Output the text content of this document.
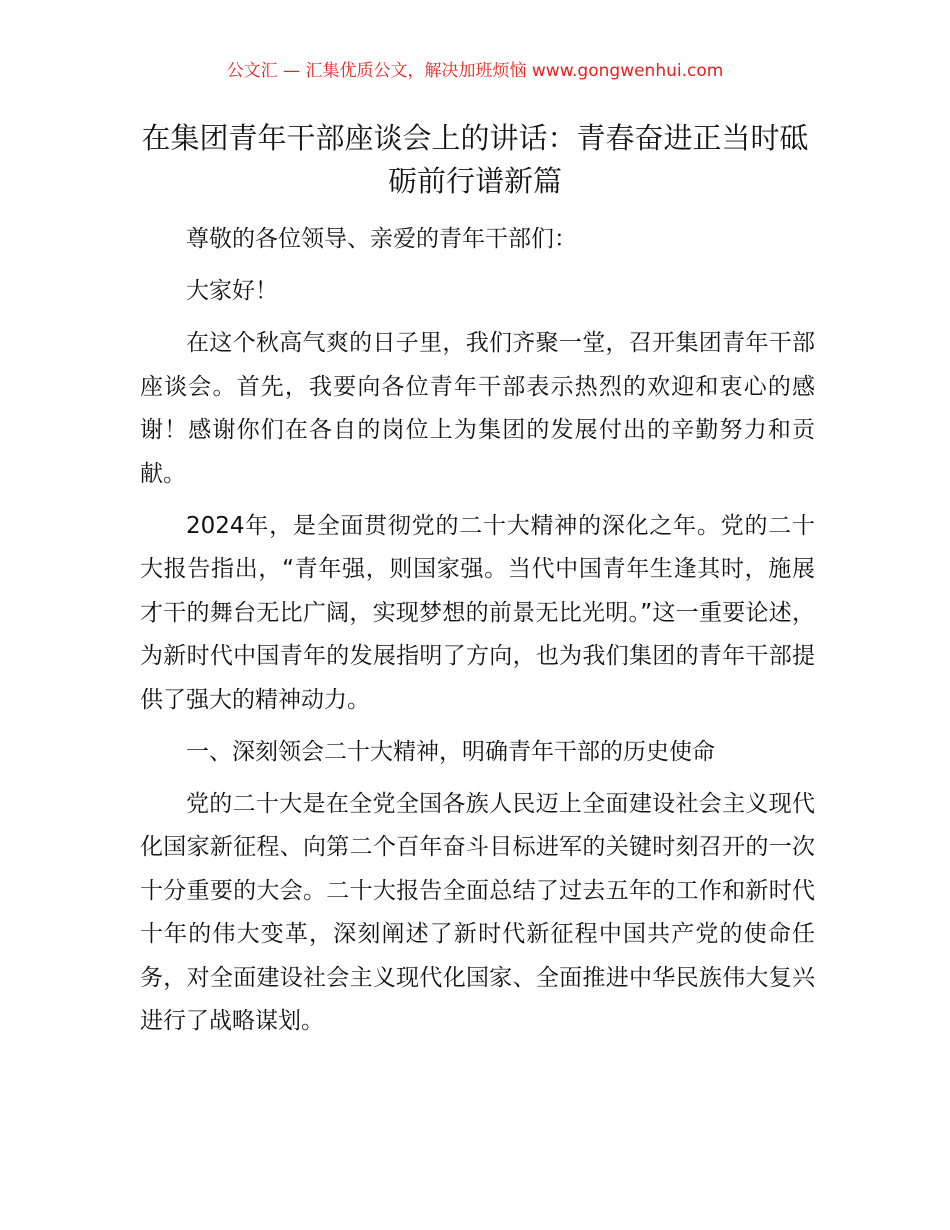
公文汇 — 汇集优质公文，解决加班烦恼 www.gongwenhui.com
在集团青年干部座谈会上的讲话：青春奋进正当时砥砺前行谱新篇

尊敬的各位领导、亲爱的青年干部们：

大家好！

在这个秋高气爽的日子里，我们齐聚一堂，召开集团青年干部座谈会。首先，我要向各位青年干部表示热烈的欢迎和衷心的感谢！感谢你们在各自的岗位上为集团的发展付出的辛勤努力和贡献。

2024年，是全面贯彻党的二十大精神的深化之年。党的二十大报告指出，“青年强，则国家强。当代中国青年生逢其时，施展才干的舞台无比广阔，实现梦想的前景无比光明。”这一重要论述，为新时代中国青年的发展指明了方向，也为我们集团的青年干部提供了强大的精神动力。

一、深刻领会二十大精神，明确青年干部的历史使命

党的二十大是在全党全国各族人民迈上全面建设社会主义现代化国家新征程、向第二个百年奋斗目标进军的关键时刻召开的一次十分重要的大会。二十大报告全面总结了过去五年的工作和新时代十年的伟大变革，深刻阐述了新时代新征程中国共产党的使命任务，对全面建设社会主义现代化国家、全面推进中华民族伟大复兴进行了战略谋划。
